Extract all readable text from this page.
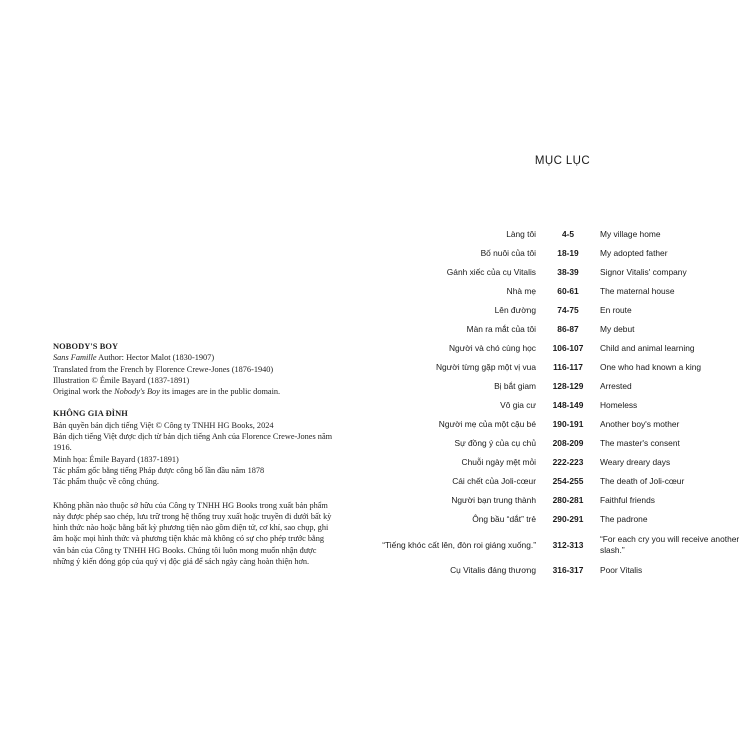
NOBODY'S BOY

Sans Famille Author: Hector Malot (1830-1907)

Translated from the French by Florence Crewe-Jones (1876-1940)

Illustration © Émile Bayard (1837-1891)

Original work the Nobody's Boy its images are in the public domain.

KHÔNG GIA ĐÌNH

Bản quyền bản dịch tiếng Việt © Công ty TNHH HG Books, 2024

Bản dịch tiếng Việt được dịch từ bản dịch tiếng Anh của Florence Crewe-Jones năm 1916.

Minh họa: Émile Bayard (1837-1891)

Tác phẩm gốc bằng tiếng Pháp được công bố lần đầu năm 1878

Tác phẩm thuộc về công chúng.

Không phần nào thuộc sở hữu của Công ty TNHH HG Books trong xuất bản phẩm này được phép sao chép, lưu trữ trong hệ thống truy xuất hoặc truyền đi dưới bất kỳ hình thức nào hoặc bằng bất kỳ phương tiện nào gồm điện tử, cơ khí, sao chụp, ghi âm hoặc mọi hình thức và phương tiện khác mà không có sự cho phép trước bằng văn bản của Công ty TNHH HG Books. Chúng tôi luôn mong muốn nhận được những ý kiến đóng góp của quý vị độc giả để sách ngày càng hoàn thiện hơn.

MỤC LỤC
Làng tôi	4-5	My village home
Bố nuôi của tôi	18-19	My adopted father
Gánh xiếc của cụ Vitalis	38-39	Signor Vitalis' company
Nhà mẹ	60-61	The maternal house
Lên đường	74-75	En route
Màn ra mắt của tôi	86-87	My debut
Người và chó cùng học	106-107	Child and animal learning
Người từng gặp một vị vua	116-117	One who had known a king
Bị bắt giam	128-129	Arrested
Vô gia cư	148-149	Homeless
Người mẹ của một cậu bé	190-191	Another boy's mother
Sự đồng ý của cụ chủ	208-209	The master's consent
Chuỗi ngày mệt mỏi	222-223	Weary dreary days
Cái chết của Joli-cœur	254-255	The death of Joli-cœur
Người bạn trung thành	280-281	Faithful friends
Ông bầu “dắt” trẻ	290-291	The padrone
“Tiếng khóc cất lên, đòn roi giáng xuống.”	312-313
“For each cry you will receive another slash.”
Cụ Vitalis đáng thương	316-317	Poor Vitalis
